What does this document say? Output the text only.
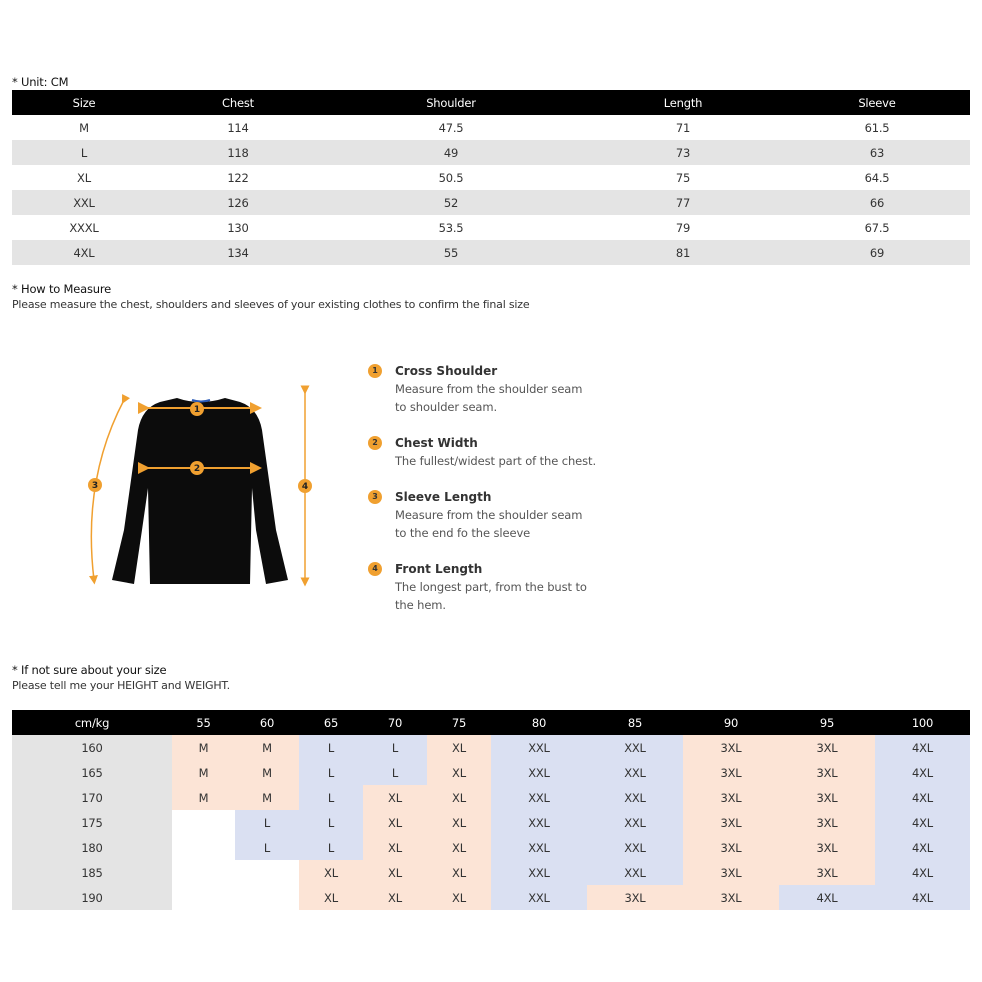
* Unit: CM
Size	Chest	Shoulder	Length	Sleeve
M	114	47.5	71	61.5
L	118	49	73	63
XL	122	50.5	75	64.5
XXL	126	52	77	66
XXXL	130	53.5	79	67.5
4XL	134	55	81	69
* How to Measure
Please measure the chest, shoulders and sleeves of your existing clothes to confirm the final size
1
2
3	4
1	Cross Shoulder
Measure from the shoulder seam
to shoulder seam.
2	Chest Width
The fullest/widest part of the chest.
3	Sleeve Length
Measure from the shoulder seam
to the end fo the sleeve
4	Front Length
The longest part, from the bust to
the hem.
* If not sure about your size
Please tell me your HEIGHT and WEIGHT.
cm/kg	55	60	65	70	75	80	85	90	95	100
160	M	M	L	L	XL	XXL	XXL	3XL	3XL	4XL
165	M	M	L	L	XL	XXL	XXL	3XL	3XL	4XL
170	M	M	L	XL	XL	XXL	XXL	3XL	3XL	4XL
175		L	L	XL	XL	XXL	XXL	3XL	3XL	4XL
180		L	L	XL	XL	XXL	XXL	3XL	3XL	4XL
185			XL	XL	XL	XXL	XXL	3XL	3XL	4XL
190			XL	XL	XL	XXL	3XL	3XL	4XL	4XL
